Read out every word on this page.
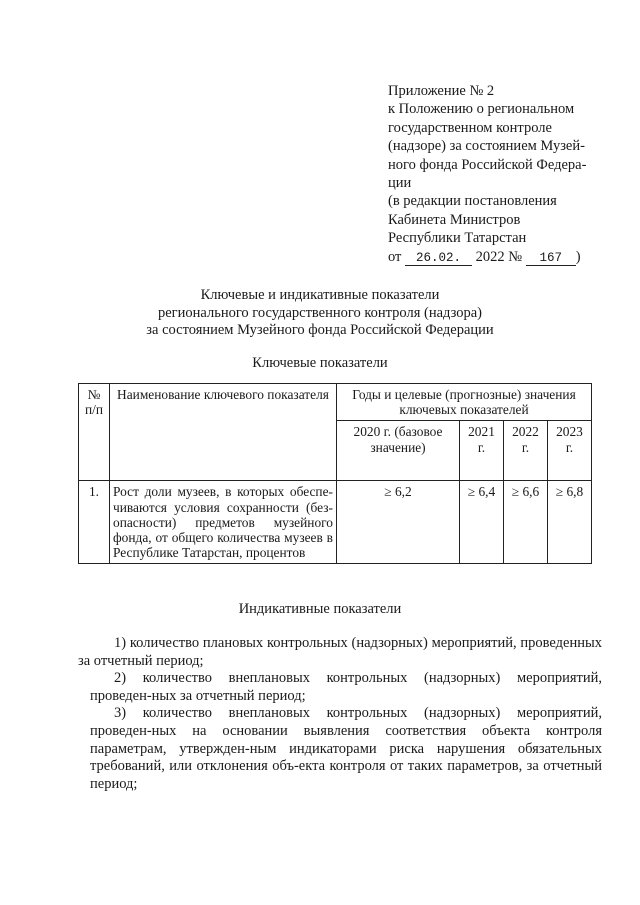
Приложение № 2
к Положению о региональном
государственном контроле
(надзоре) за состоянием Музей-
ного фонда Российской Федера-
ции
(в редакции постановления
Кабинета Министров
Республики Татарстан
от 26.02. 2022 № 167 )
Ключевые и индикативные показатели
регионального государственного контроля (надзора)
за состоянием Музейного фонда Российской Федерации
Ключевые показатели
№ п/п	Наименование ключевого показателя	Годы и целевые (прогнозные) значения ключевых показателей			
		2020 г. (базовое значение)	2021 г.	2022 г.	2023 г.
1.	Рост доли музеев, в которых обеспе-чиваются условия сохранности (без-опасности) предметов музейного фонда, от общего количества музеев в Республике Татарстан, процентов	≥ 6,2	≥ 6,4	≥ 6,6	≥ 6,8
Индикативные показатели

1) количество плановых контрольных (надзорных) мероприятий, проведенных за отчетный период;

2) количество внеплановых контрольных (надзорных) мероприятий, проведен-ных за отчетный период;

3) количество внеплановых контрольных (надзорных) мероприятий, проведен-ных на основании выявления соответствия объекта контроля параметрам, утвержден-ным индикаторами риска нарушения обязательных требований, или отклонения объ-екта контроля от таких параметров, за отчетный период;
